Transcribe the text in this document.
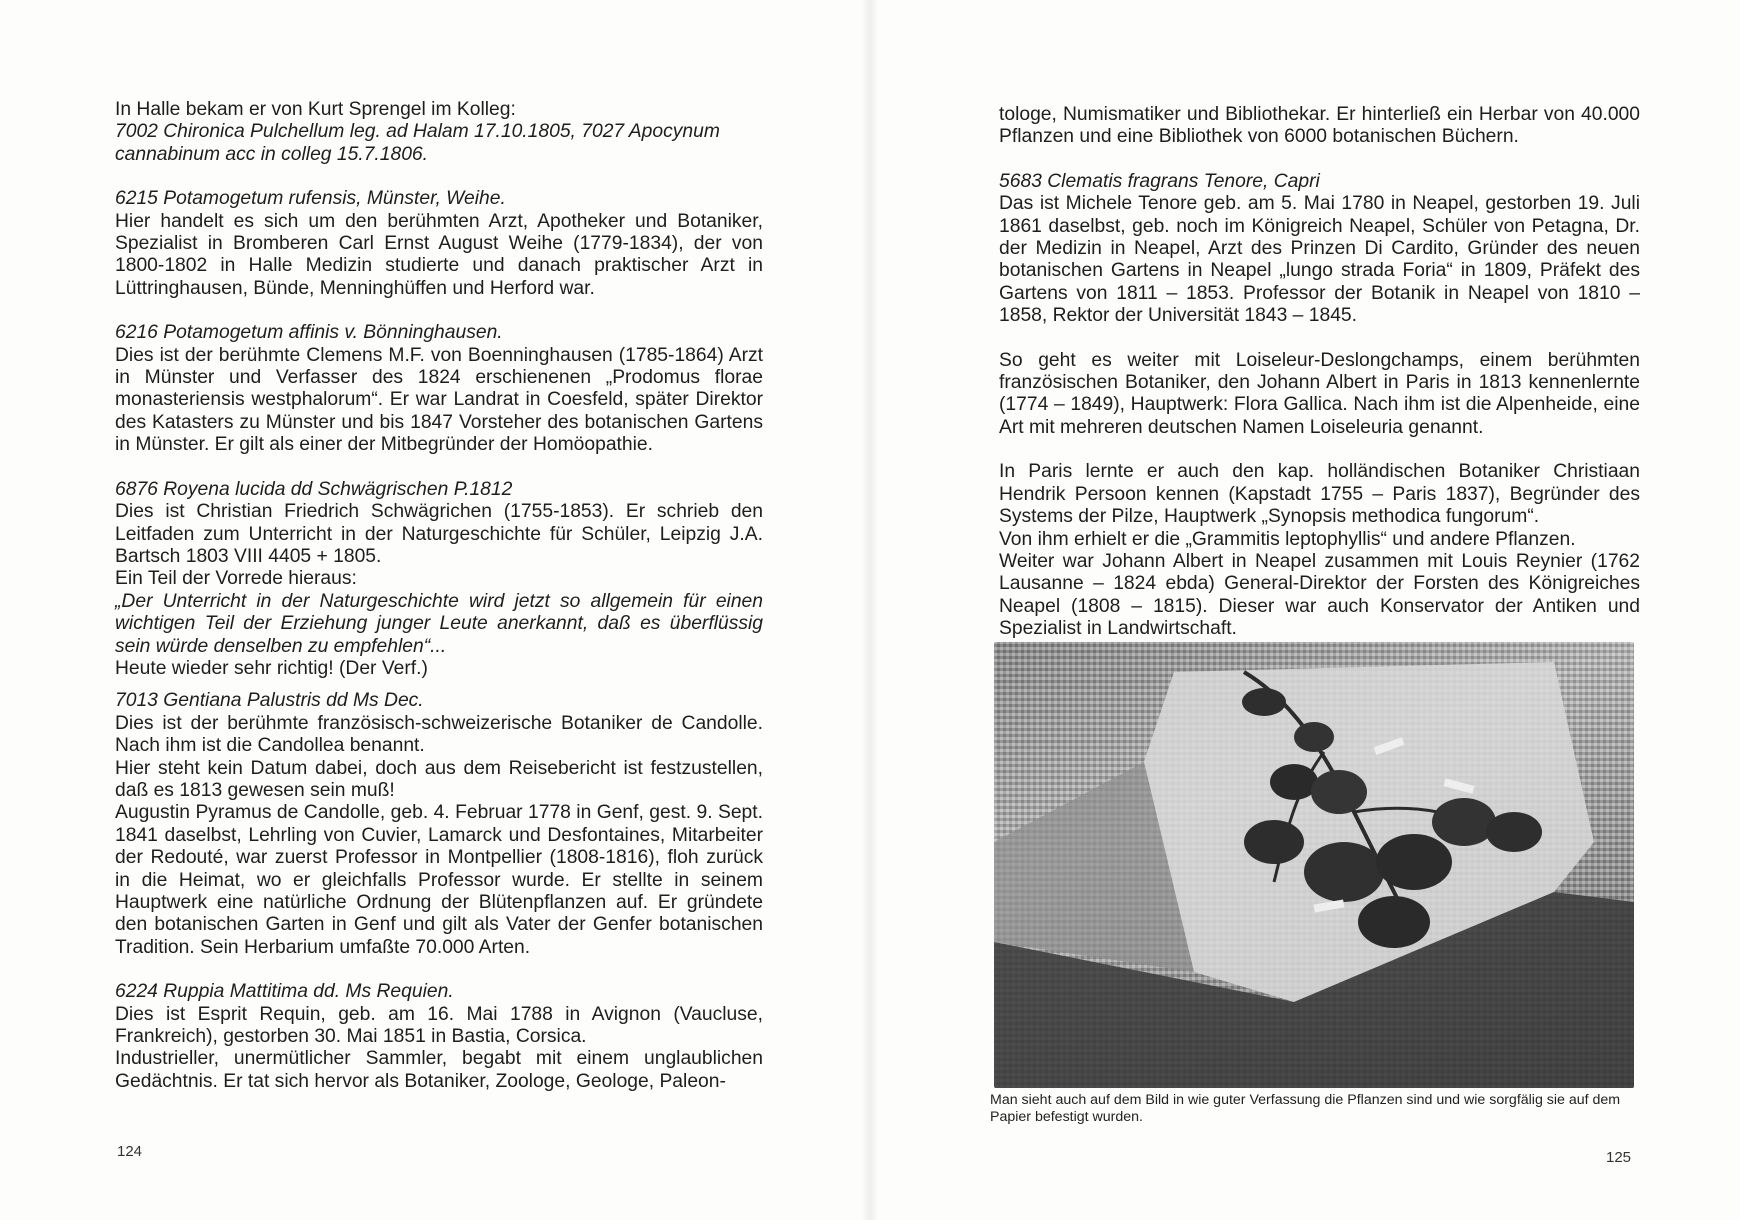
In Halle bekam er von Kurt Sprengel im Kolleg:

7002 Chironica Pulchellum leg. ad Halam 17.10.1805, 7027 Apocynum

cannabinum acc in colleg 15.7.1806.

6215 Potamogetum rufensis, Münster, Weihe.

Hier handelt es sich um den berühmten Arzt, Apotheker und Botaniker, Spezialist in Bromberen Carl Ernst August Weihe (1779-1834), der von 1800-1802 in Halle Medizin studierte und danach praktischer Arzt in Lüttringhausen, Bünde, Menninghüffen und Herford war.

6216 Potamogetum affinis v. Bönninghausen.

Dies ist der berühmte Clemens M.F. von Boenninghausen (1785-1864) Arzt in Münster und Verfasser des 1824 erschienenen „Prodomus florae monasteriensis westphalorum“. Er war Landrat in Coesfeld, später Direktor des Katasters zu Münster und bis 1847 Vorsteher des botanischen Gartens in Münster. Er gilt als einer der Mitbegründer der Homöopathie.

6876 Royena lucida dd Schwägrischen P.1812

Dies ist Christian Friedrich Schwägrichen (1755-1853). Er schrieb den Leitfaden zum Unterricht in der Naturgeschichte für Schüler, Leipzig J.A. Bartsch 1803 VIII 4405 + 1805.

Ein Teil der Vorrede hieraus:

„Der Unterricht in der Naturgeschichte wird jetzt so allgemein für einen wichtigen Teil der Erziehung junger Leute anerkannt, daß es überflüssig sein würde denselben zu empfehlen“...

Heute wieder sehr richtig! (Der Verf.)

7013 Gentiana Palustris dd Ms Dec.

Dies ist der berühmte französisch-schweizerische Botaniker de Candolle. Nach ihm ist die Candollea benannt.

Hier steht kein Datum dabei, doch aus dem Reisebericht ist festzustellen, daß es 1813 gewesen sein muß!

Augustin Pyramus de Candolle, geb. 4. Februar 1778 in Genf, gest. 9. Sept. 1841 daselbst, Lehrling von Cuvier, Lamarck und Desfontaines, Mitarbeiter der Redouté, war zuerst Professor in Montpellier (1808-1816), floh zurück in die Heimat, wo er gleichfalls Professor wurde. Er stellte in seinem Hauptwerk eine natürliche Ordnung der Blütenpflanzen auf. Er gründete den botanischen Garten in Genf und gilt als Vater der Genfer botanischen Tradition. Sein Herbarium umfaßte 70.000 Arten.

6224 Ruppia Mattitima dd. Ms Requien.

Dies ist Esprit Requin, geb. am 16. Mai 1788 in Avignon (Vaucluse, Frankreich), gestorben 30. Mai 1851 in Bastia, Corsica.

Industrieller, unermütlicher Sammler, begabt mit einem unglaublichen Gedächtnis. Er tat sich hervor als Botaniker, Zoologe, Geologe, Paleon-

124

tologe, Numismatiker und Bibliothekar. Er hinterließ ein Herbar von 40.000 Pflanzen und eine Bibliothek von 6000 botanischen Büchern.

5683 Clematis fragrans Tenore, Capri

Das ist Michele Tenore geb. am 5. Mai 1780 in Neapel, gestorben 19. Juli 1861 daselbst, geb. noch im Königreich Neapel, Schüler von Petagna, Dr. der Medizin in Neapel, Arzt des Prinzen Di Cardito, Gründer des neuen botanischen Gartens in Neapel „lungo strada Foria“ in 1809, Präfekt des Gartens von 1811 – 1853. Professor der Botanik in Neapel von 1810 – 1858, Rektor der Universität 1843 – 1845.

So geht es weiter mit Loiseleur-Deslongchamps, einem berühmten französischen Botaniker, den Johann Albert in Paris in 1813 kennenlernte (1774 – 1849), Hauptwerk: Flora Gallica. Nach ihm ist die Alpenheide, eine Art mit mehreren deutschen Namen Loiseleuria genannt.

In Paris lernte er auch den kap. holländischen Botaniker Christiaan Hendrik Persoon kennen (Kapstadt 1755 – Paris 1837), Begründer des Systems der Pilze, Hauptwerk „Synopsis methodica fungorum“.

Von ihm erhielt er die „Grammitis leptophyllis“ und andere Pflanzen.

Weiter war Johann Albert in Neapel zusammen mit Louis Reynier (1762 Lausanne – 1824 ebda) General-Direktor der Forsten des Königreiches Neapel (1808 – 1815). Dieser war auch Konservator der Antiken und Spezialist in Landwirtschaft.

Man sieht auch auf dem Bild in wie guter Verfassung die Pflanzen sind und wie sorgfälig sie auf dem Papier befestigt wurden.
125
